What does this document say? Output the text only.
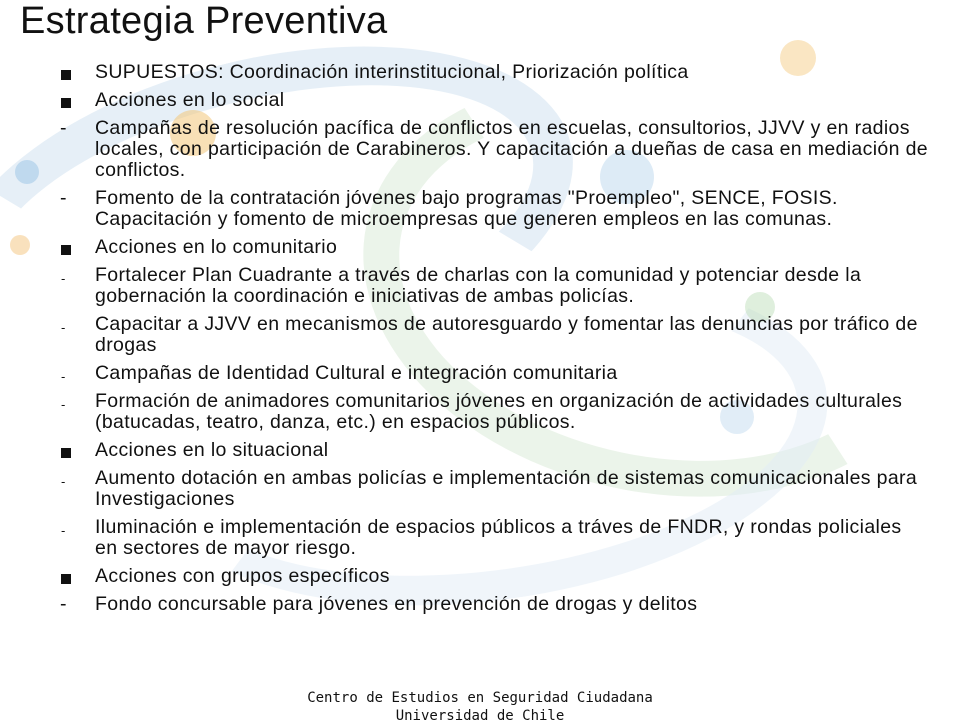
Estrategia Preventiva
SUPUESTOS: Coordinación interinstitucional, Priorización política
Acciones en lo social
- Campañas de resolución pacífica de conflictos en escuelas, consultorios, JJVV y en radios locales, con participación de Carabineros. Y capacitación a dueñas de casa en mediación de conflictos.
- Fomento de la contratación jóvenes bajo programas "Proempleo", SENCE, FOSIS. Capacitación y fomento de microempresas que generen empleos en las comunas.
Acciones en lo comunitario
- Fortalecer Plan Cuadrante a través de charlas con la comunidad y potenciar desde la gobernación la coordinación e iniciativas de ambas policías.
- Capacitar a JJVV en mecanismos de autoresguardo y fomentar las denuncias por tráfico de drogas
- Campañas de Identidad Cultural e integración comunitaria
- Formación de animadores comunitarios jóvenes en organización de actividades culturales (batucadas, teatro, danza, etc.) en espacios públicos.
Acciones en lo situacional
- Aumento dotación en ambas policías e implementación de sistemas comunicacionales para Investigaciones
- Iluminación e implementación de espacios públicos a tráves de FNDR, y rondas policiales en sectores de mayor riesgo.
Acciones con grupos específicos
- Fondo concursable para jóvenes en prevención de drogas y delitos
Centro de Estudios en Seguridad Ciudadana
Universidad de Chile
